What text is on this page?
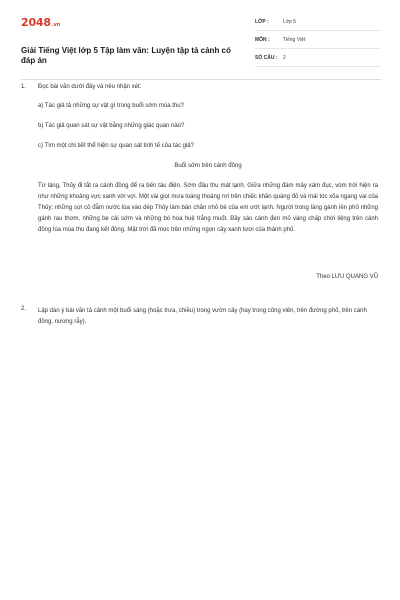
2048.vn
Giải Tiếng Việt lớp 5 Tập làm văn: Luyện tập tả cảnh có đáp án
LỚP :	Lớp 5
MÔN :	Tiếng Việt
SỐ CÂU : 2
1. Đọc bài văn dưới đây và nêu nhận xét:
a) Tác giả tả những sự vật gì trong buổi sớm mùa thu?
b) Tác giả quan sát sự vật bằng những giác quan nào?
c) Tìm một chi tiết thể hiện sự quan sát tinh tế của tác giả?
Buổi sớm trên cánh đồng
Từ làng, Thủy đi tắt ra cánh đồng để ra bến tàu điện. Sớm đầu thu mát lạnh. Giữa những đám mây xám đục, vòm trời hiện ra như những khoảng vực xanh vời vợi. Một vài giọt mưa loáng thoáng rơi trên chiếc khăn quàng đỏ và mái tóc xõa ngang vai của Thủy; những sợi cỏ đẫm nước lùa vào dép Thủy làm bàn chân nhỏ bé của em ướt lạnh. Người trong làng gánh lên phố những gánh rau thơm, những bẹ cải sớm và những bó hoa huệ trắng muốt. Bầy sáo cánh đen mỏ vàng chấp chới liệng trên cánh đồng lúa mùa thu đang kết đòng. Mặt trời đã mọc trên những ngọn cây xanh tươi của thành phố.
Theo LƯU QUANG VŨ
2. Lập dàn ý bài văn tả cảnh một buổi sáng (hoặc trưa, chiều) trong vườn cây (hay trong công viên, trên đường phố, trên cánh đồng, nương rẫy).
